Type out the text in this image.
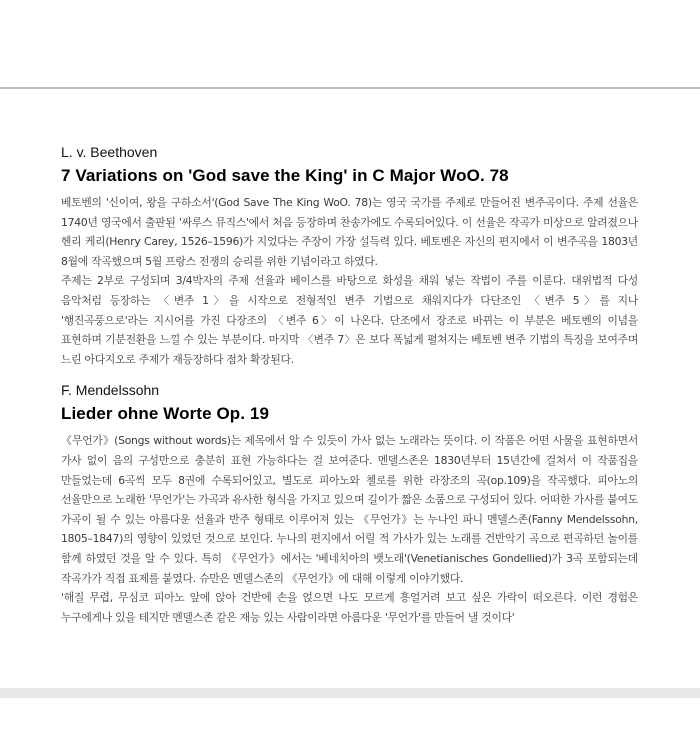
L. v. Beethoven

7 Variations on 'God save the King' in C Major WoO. 78

베토벤의 '신이여, 왕을 구하소서'(God Save The King WoO. 78)는 영국 국가를 주제로 만들어진 변주곡이다. 주제 선율은 1740년 영국에서 출판된 '싸루스 뮤직스'에서 처음 등장하며 찬송가에도 수록되어있다. 이 선율은 작곡가 미상으로 알려졌으나 헨리 케리(Henry Carey, 1526–1596)가 지었다는 주장이 가장 설득력 있다. 베토벤은 자신의 편지에서 이 변주곡을 1803년 8월에 작곡했으며 5월 프랑스 전쟁의 승리를 위한 기념이라고 하였다.

주제는 2부로 구성되며 3/4박자의 주제 선율과 베이스를 바탕으로 화성을 채워 넣는 작법이 주를 이룬다. 대위법적 다성 음악처럼 등장하는 〈변주 1〉을 시작으로 전형적인 변주 기법으로 채워지다가 다단조인 〈변주 5〉를 지나 '행진곡풍으로'라는 지시어를 가진 다장조의 〈변주 6〉이 나온다. 단조에서 장조로 바뀌는 이 부분은 베토벤의 이념을 표현하며 기분전환을 느낄 수 있는 부분이다. 마지막 〈변주 7〉은 보다 폭넓게 펼쳐지는 베토벤 변주 기법의 특징을 보여주며 느린 아다지오로 주제가 재등장하다 점차 확장된다.

F. Mendelssohn

Lieder ohne Worte Op. 19

《무언가》(Songs without words)는 제목에서 알 수 있듯이 가사 없는 노래라는 뜻이다. 이 작품은 어떤 사물을 표현하면서 가사 없이 음의 구성만으로 충분히 표현 가능하다는 걸 보여준다. 멘델스존은 1830년부터 15년간에 걸쳐서 이 작품집을 만들었는데 6곡씩 모두 8권에 수록되어있고, 별도로 피아노와 첼로를 위한 라장조의 곡(op.109)을 작곡했다. 피아노의 선율만으로 노래한 '무언가'는 가곡과 유사한 형식을 가지고 있으며 길이가 짧은 소품으로 구성되어 있다. 어떠한 가사를 붙여도 가곡이 될 수 있는 아름다운 선율과 반주 형태로 이루어져 있는 《무언가》는 누나인 파니 멘델스존(Fanny Mendelssohn, 1805–1847)의 영향이 있었던 것으로 보인다. 누나의 편지에서 어릴 적 가사가 있는 노래를 건반악기 곡으로 편곡하던 놀이를 함께 하였던 것을 알 수 있다. 특히 《무언가》에서는 '베네치아의 뱃노래'(Venetianisches Gondellied)가 3곡 포함되는데 작곡가가 직접 표제를 붙였다. 슈만은 멘델스존의 《무언가》에 대해 이렇게 이야기했다.

'해질 무렵, 무심코 피아노 앞에 앉아 건반에 손을 얹으면 나도 모르게 흥얼거려 보고 싶은 가락이 떠오른다. 이런 경험은 누구에게나 있을 테지만 멘델스존 같은 재능 있는 사람이라면 아름다운 '무언가'를 만들어 낼 것이다'
